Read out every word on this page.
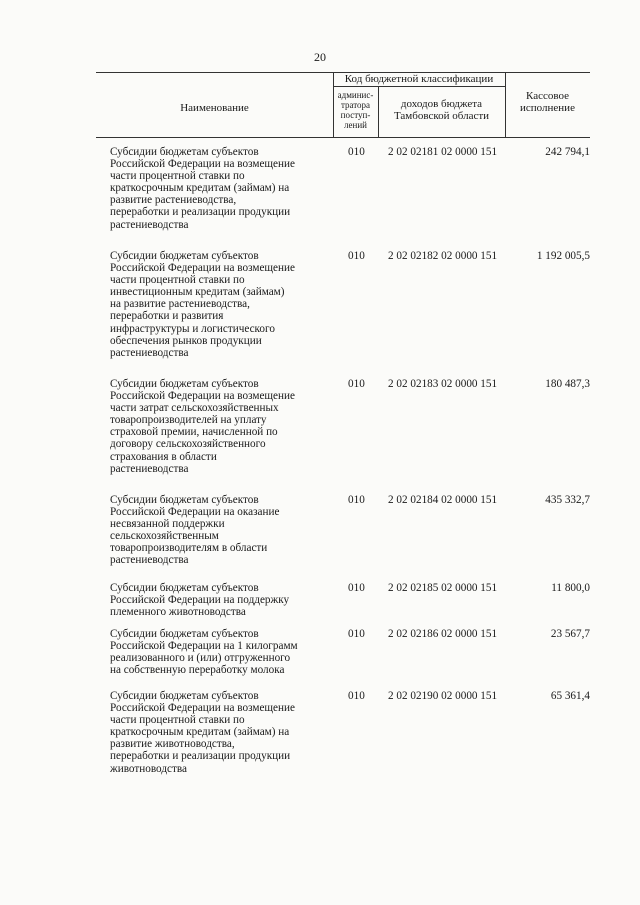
20
Наименование
Код бюджетной классификации
админис-
тратора
поступ-
лений
доходов бюджета
Тамбовской области
Кассовое
исполнение
Субсидии бюджетам субъектов
Российской Федерации на возмещение
части процентной ставки по
краткосрочным кредитам (займам) на
развитие растениеводства,
переработки и реализации продукции
растениеводства
010 2 02 02181 02 0000 151	242 794,1
Субсидии бюджетам субъектов
Российской Федерации на возмещение
части процентной ставки по
инвестиционным кредитам (займам)
на развитие растениеводства,
переработки и развития
инфраструктуры и логистического
обеспечения рынков продукции
растениеводства
010 2 02 02182 02 0000 151	1 192 005,5
Субсидии бюджетам субъектов
Российской Федерации на возмещение
части затрат сельскохозяйственных
товаропроизводителей на уплату
страховой премии, начисленной по
договору сельскохозяйственного
страхования в области
растениеводства
010 2 02 02183 02 0000 151	180 487,3
Субсидии бюджетам субъектов
Российской Федерации на оказание
несвязанной поддержки
сельскохозяйственным
товаропроизводителям в области
растениеводства
010 2 02 02184 02 0000 151	435 332,7
Субсидии бюджетам субъектов
Российской Федерации на поддержку
племенного животноводства
010 2 02 02185 02 0000 151	11 800,0
Субсидии бюджетам субъектов
Российской Федерации на 1 килограмм
реализованного и (или) отгруженного
на собственную переработку молока
010 2 02 02186 02 0000 151	23 567,7
Субсидии бюджетам субъектов
Российской Федерации на возмещение
части процентной ставки по
краткосрочным кредитам (займам) на
развитие животноводства,
переработки и реализации продукции
животноводства
010 2 02 02190 02 0000 151	65 361,4
